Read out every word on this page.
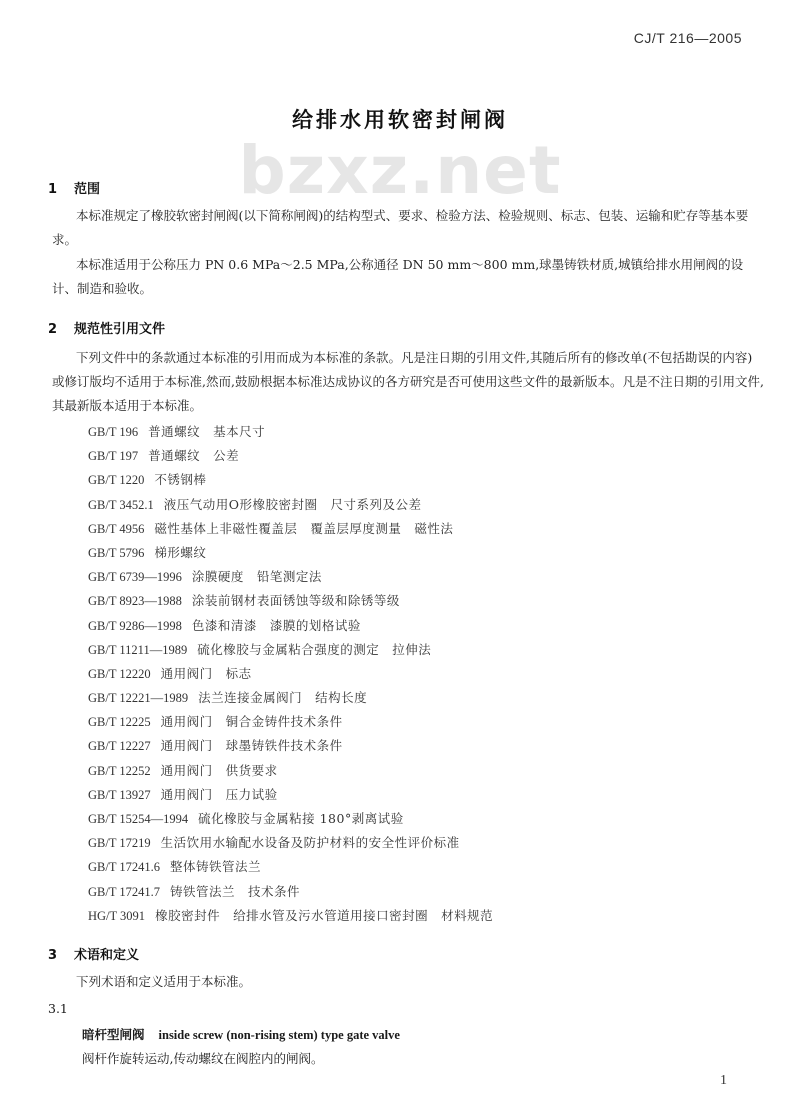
CJ/T 216—2005
给排水用软密封闸阀
bzxz.net
1 范围
本标准规定了橡胶软密封闸阀(以下简称闸阀)的结构型式、要求、检验方法、检验规则、标志、包装、运输和贮存等基本要求。
本标准适用于公称压力 PN 0.6 MPa～2.5 MPa,公称通径 DN 50 mm～800 mm,球墨铸铁材质,城镇给排水用闸阀的设计、制造和验收。
2 规范性引用文件
下列文件中的条款通过本标准的引用而成为本标准的条款。凡是注日期的引用文件,其随后所有的修改单(不包括勘误的内容)或修订版均不适用于本标准,然而,鼓励根据本标准达成协议的各方研究是否可使用这些文件的最新版本。凡是不注日期的引用文件,其最新版本适用于本标准。
GB/T 196 普通螺纹　基本尺寸
GB/T 197 普通螺纹　公差
GB/T 1220 不锈钢棒
GB/T 3452.1 液压气动用O形橡胶密封圈　尺寸系列及公差
GB/T 4956 磁性基体上非磁性覆盖层　覆盖层厚度测量　磁性法
GB/T 5796 梯形螺纹
GB/T 6739—1996 涂膜硬度　铅笔测定法
GB/T 8923—1988 涂装前钢材表面锈蚀等级和除锈等级
GB/T 9286—1998 色漆和清漆　漆膜的划格试验
GB/T 11211—1989 硫化橡胶与金属粘合强度的测定　拉伸法
GB/T 12220 通用阀门　标志
GB/T 12221—1989 法兰连接金属阀门　结构长度
GB/T 12225 通用阀门　铜合金铸件技术条件
GB/T 12227 通用阀门　球墨铸铁件技术条件
GB/T 12252 通用阀门　供货要求
GB/T 13927 通用阀门　压力试验
GB/T 15254—1994 硫化橡胶与金属粘接 180°剥离试验
GB/T 17219 生活饮用水输配水设备及防护材料的安全性评价标准
GB/T 17241.6 整体铸铁管法兰
GB/T 17241.7 铸铁管法兰　技术条件
HG/T 3091 橡胶密封件　给排水管及污水管道用接口密封圈　材料规范
3 术语和定义
下列术语和定义适用于本标准。
3.1
暗杆型闸阀 inside screw (non-rising stem) type gate valve
阀杆作旋转运动,传动螺纹在阀腔内的闸阀。
1
